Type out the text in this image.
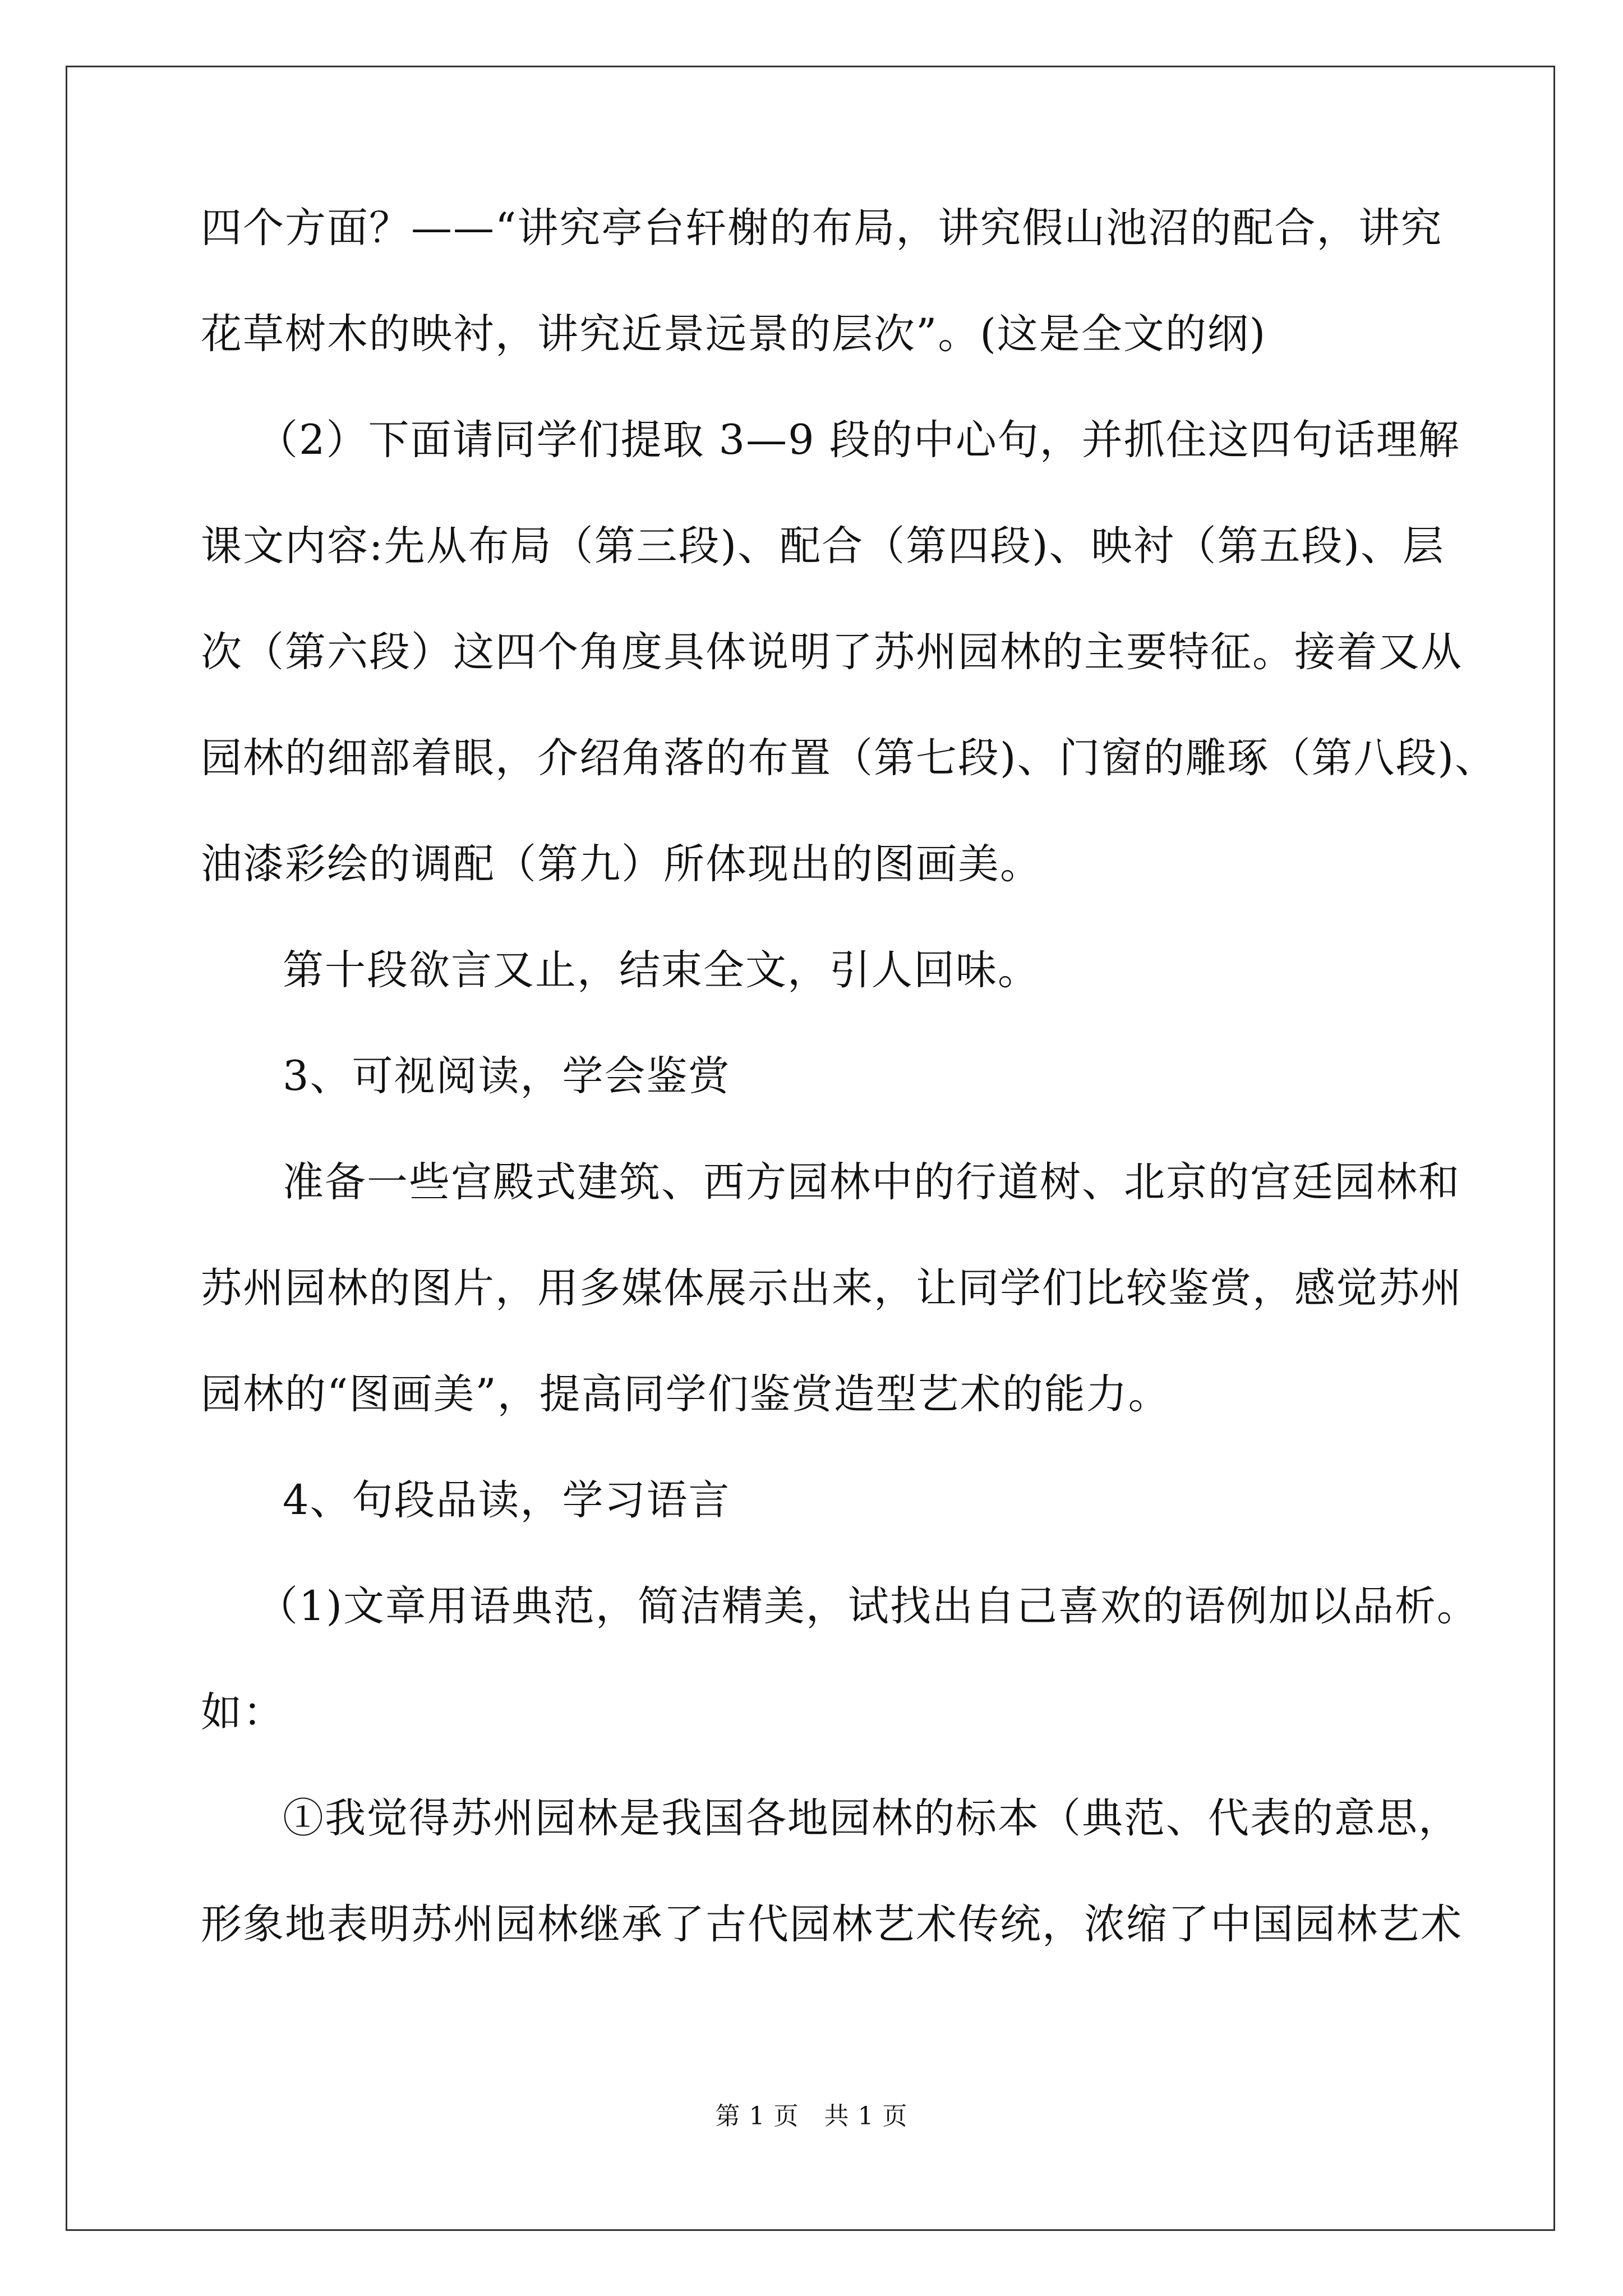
四个方面？——“讲究亭台轩榭的布局，讲究假山池沼的配合，讲究
花草树木的映衬，讲究近景远景的层次”。(这是全文的纲)
（2）下面请同学们提取 3—9 段的中心句，并抓住这四句话理解
课文内容:先从布局（第三段)、配合（第四段)、映衬（第五段)、层
次（第六段）这四个角度具体说明了苏州园林的主要特征。接着又从
园林的细部着眼，介绍角落的布置（第七段)、门窗的雕琢（第八段)、
油漆彩绘的调配（第九）所体现出的图画美。
第十段欲言又止，结束全文，引人回味。
3、可视阅读，学会鉴赏
准备一些宫殿式建筑、西方园林中的行道树、北京的宫廷园林和
苏州园林的图片，用多媒体展示出来，让同学们比较鉴赏，感觉苏州
园林的“图画美”，提高同学们鉴赏造型艺术的能力。
4、句段品读，学习语言
（1)文章用语典范，简洁精美，试找出自己喜欢的语例加以品析。
如：
①我觉得苏州园林是我国各地园林的标本（典范、代表的意思，
形象地表明苏州园林继承了古代园林艺术传统，浓缩了中国园林艺术
第 1 页　共 1 页
